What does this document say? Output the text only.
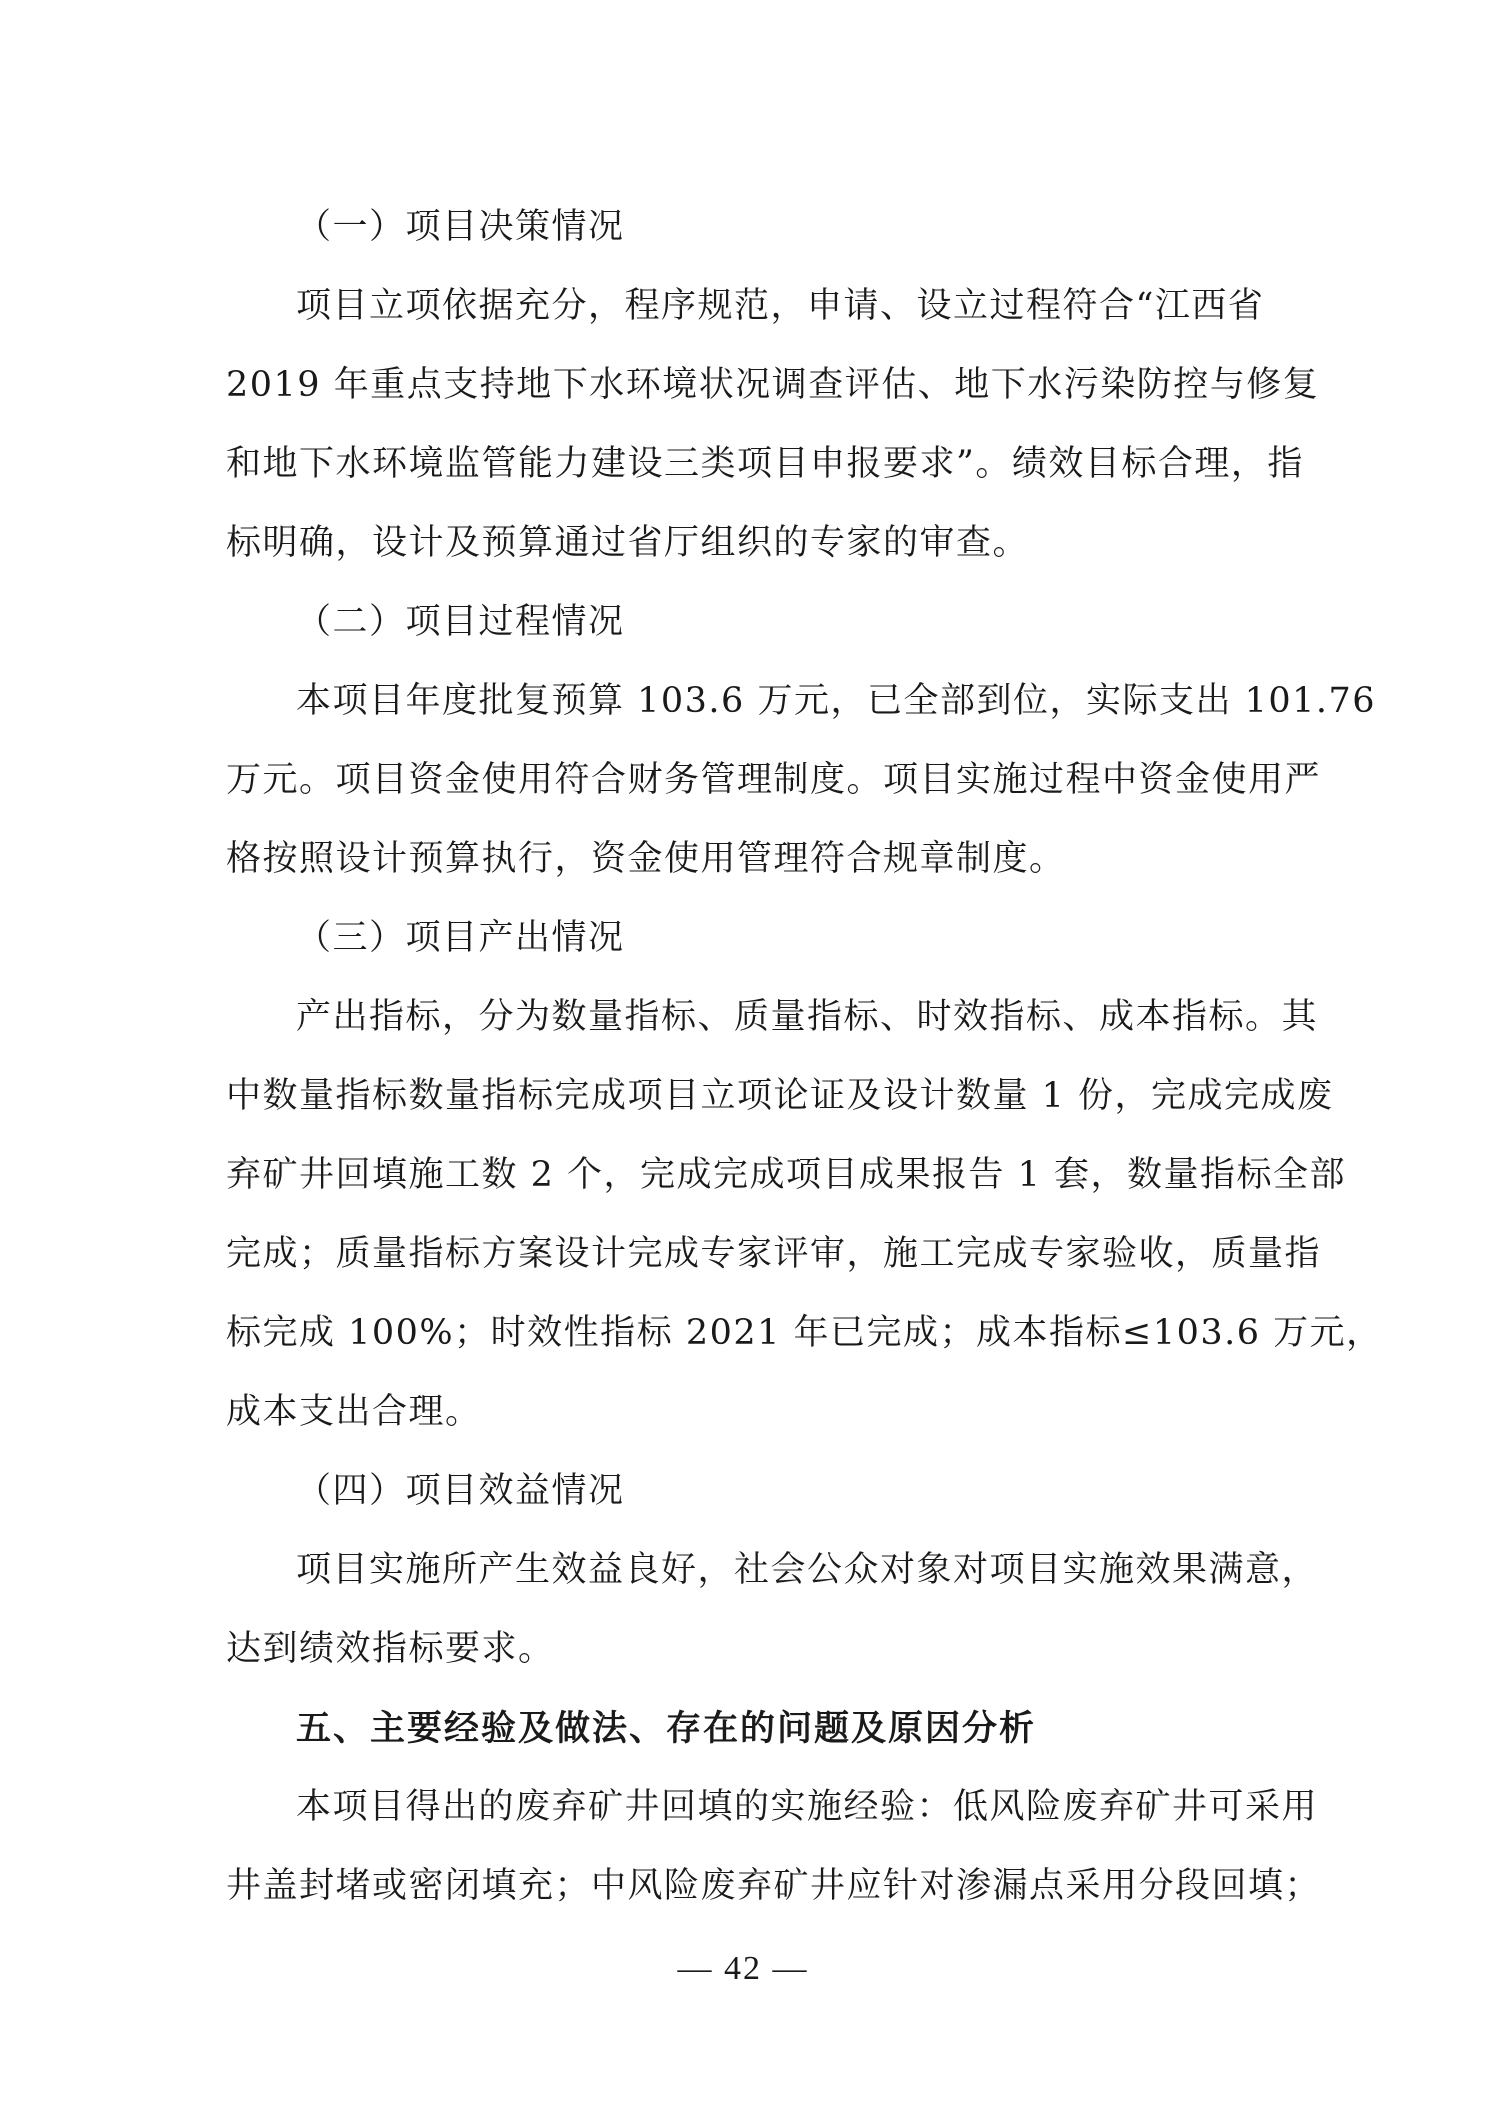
（一）项目决策情况
项目立项依据充分，程序规范，申请、设立过程符合“江西省
2019 年重点支持地下水环境状况调查评估、地下水污染防控与修复
和地下水环境监管能力建设三类项目申报要求”。绩效目标合理，指
标明确，设计及预算通过省厅组织的专家的审查。
（二）项目过程情况
本项目年度批复预算 103.6 万元，已全部到位，实际支出 101.76
万元。项目资金使用符合财务管理制度。项目实施过程中资金使用严
格按照设计预算执行，资金使用管理符合规章制度。
（三）项目产出情况
产出指标，分为数量指标、质量指标、时效指标、成本指标。其
中数量指标数量指标完成项目立项论证及设计数量 1 份，完成完成废
弃矿井回填施工数 2 个，完成完成项目成果报告 1 套，数量指标全部
完成；质量指标方案设计完成专家评审，施工完成专家验收，质量指
标完成 100%；时效性指标 2021 年已完成；成本指标≤103.6 万元，
成本支出合理。
（四）项目效益情况
项目实施所产生效益良好，社会公众对象对项目实施效果满意，
达到绩效指标要求。
五、主要经验及做法、存在的问题及原因分析
本项目得出的废弃矿井回填的实施经验：低风险废弃矿井可采用
井盖封堵或密闭填充；中风险废弃矿井应针对渗漏点采用分段回填；
— 42 —
